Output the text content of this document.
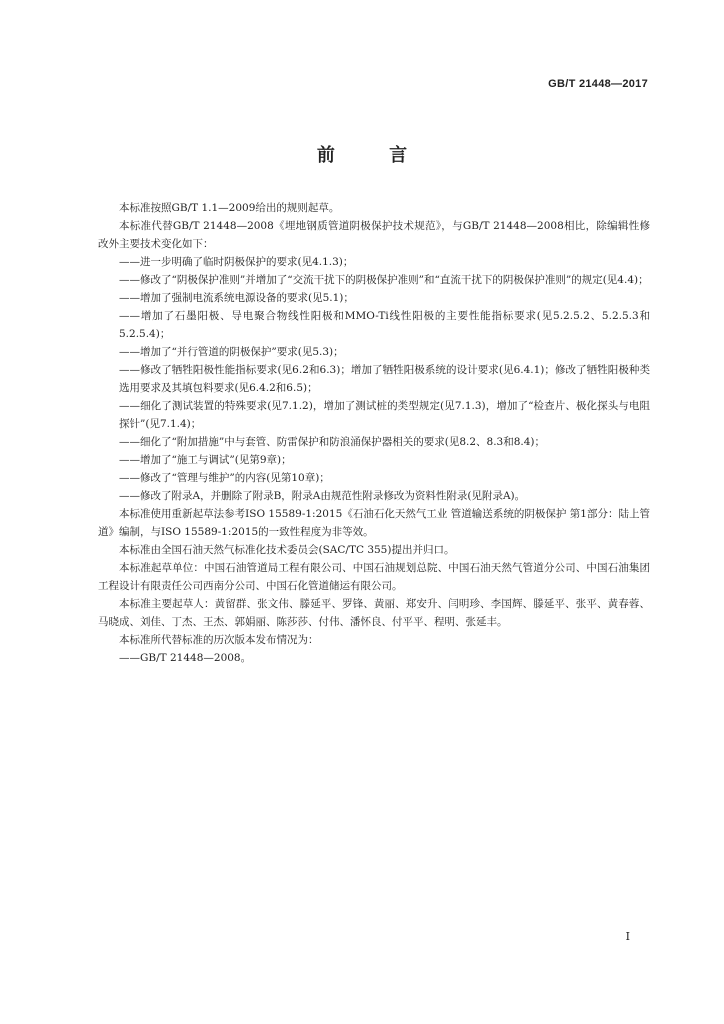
GB/T 21448—2017
前 言

本标准按照GB/T 1.1—2009给出的规则起草。

本标准代替GB/T 21448—2008《埋地钢质管道阴极保护技术规范》，与GB/T 21448—2008相比，除编辑性修改外主要技术变化如下：

——进一步明确了临时阴极保护的要求(见4.1.3)；

——修改了“阴极保护准则”并增加了“交流干扰下的阴极保护准则”和“直流干扰下的阴极保护准则”的规定(见4.4)；

——增加了强制电流系统电源设备的要求(见5.1)；

——增加了石墨阳极、导电聚合物线性阳极和MMO-Ti线性阳极的主要性能指标要求(见5.2.5.2、5.2.5.3和5.2.5.4)；

——增加了“并行管道的阴极保护”要求(见5.3)；

——修改了牺牲阳极性能指标要求(见6.2和6.3)；增加了牺牲阳极系统的设计要求(见6.4.1)；修改了牺牲阳极种类选用要求及其填包料要求(见6.4.2和6.5)；

——细化了测试装置的特殊要求(见7.1.2)，增加了测试桩的类型规定(见7.1.3)，增加了“检查片、极化探头与电阻探针”(见7.1.4)；

——细化了“附加措施”中与套管、防雷保护和防浪涌保护器相关的要求(见8.2、8.3和8.4)；

——增加了“施工与调试”(见第9章)；

——修改了“管理与维护”的内容(见第10章)；

——修改了附录A，并删除了附录B，附录A由规范性附录修改为资料性附录(见附录A)。

本标准使用重新起草法参考ISO 15589-1:2015《石油石化天然气工业 管道输送系统的阴极保护 第1部分：陆上管道》编制，与ISO 15589-1:2015的一致性程度为非等效。

本标准由全国石油天然气标准化技术委员会(SAC/TC 355)提出并归口。

本标准起草单位：中国石油管道局工程有限公司、中国石油规划总院、中国石油天然气管道分公司、中国石油集团工程设计有限责任公司西南分公司、中国石化管道储运有限公司。

本标准主要起草人：黄留群、张文伟、滕延平、罗锋、黄丽、郑安升、闫明珍、李国辉、滕延平、张平、黄春蓉、马晓成、刘佳、丁杰、王杰、郭娟丽、陈莎莎、付伟、潘怀良、付平平、程明、张延丰。

本标准所代替标准的历次版本发布情况为：

——GB/T 21448—2008。

I
